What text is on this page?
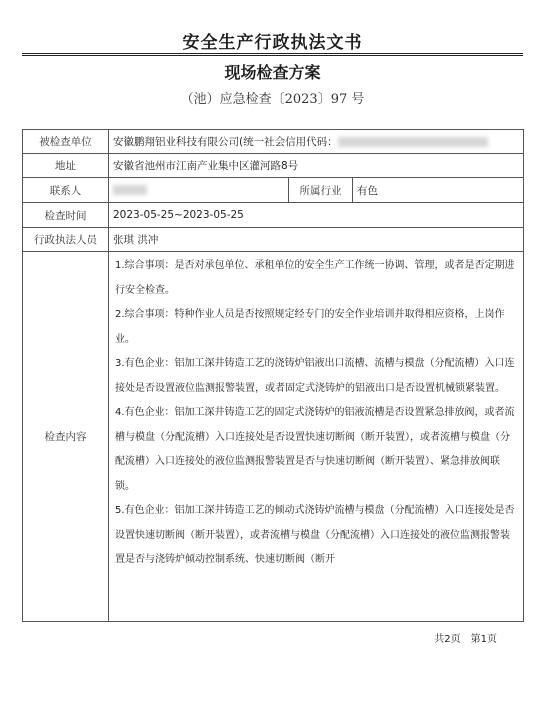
安全生产行政执法文书
现场检查方案
（池）应急检查〔2023〕97 号
被检查单位	安徽鹏翔铝业科技有限公司(统一社会信用代码：		
地址	安徽省池州市江南产业集中区灌河路8号		
联系人		所属行业	有色
检查时间	2023-05-25~2023-05-25		
行政执法人员	张琪 洪冲		
检查内容	1.综合事项：是否对承包单位、承租单位的安全生产工作统一协调、管理，或者是否定期进行安全检查。

2.综合事项：特种作业人员是否按照规定经专门的安全作业培训并取得相应资格，上岗作业。

3.有色企业：铝加工深井铸造工艺的浇铸炉铝液出口流槽、流槽与模盘（分配流槽）入口连接处是否设置液位监测报警装置，或者固定式浇铸炉的铝液出口是否设置机械锁紧装置。

4.有色企业：铝加工深井铸造工艺的固定式浇铸炉的铝液流槽是否设置紧急排放阀，或者流槽与模盘（分配流槽）入口连接处是否设置快速切断阀（断开装置），或者流槽与模盘（分配流槽）入口连接处的液位监测报警装置是否与快速切断阀（断开装置）、紧急排放阀联锁。

5.有色企业：铝加工深井铸造工艺的倾动式浇铸炉流槽与模盘（分配流槽）入口连接处是否设置快速切断阀（断开装置），或者流槽与模盘（分配流槽）入口连接处的液位监测报警装置是否与浇铸炉倾动控制系统、快速切断阀（断开		

共2页 第1页
